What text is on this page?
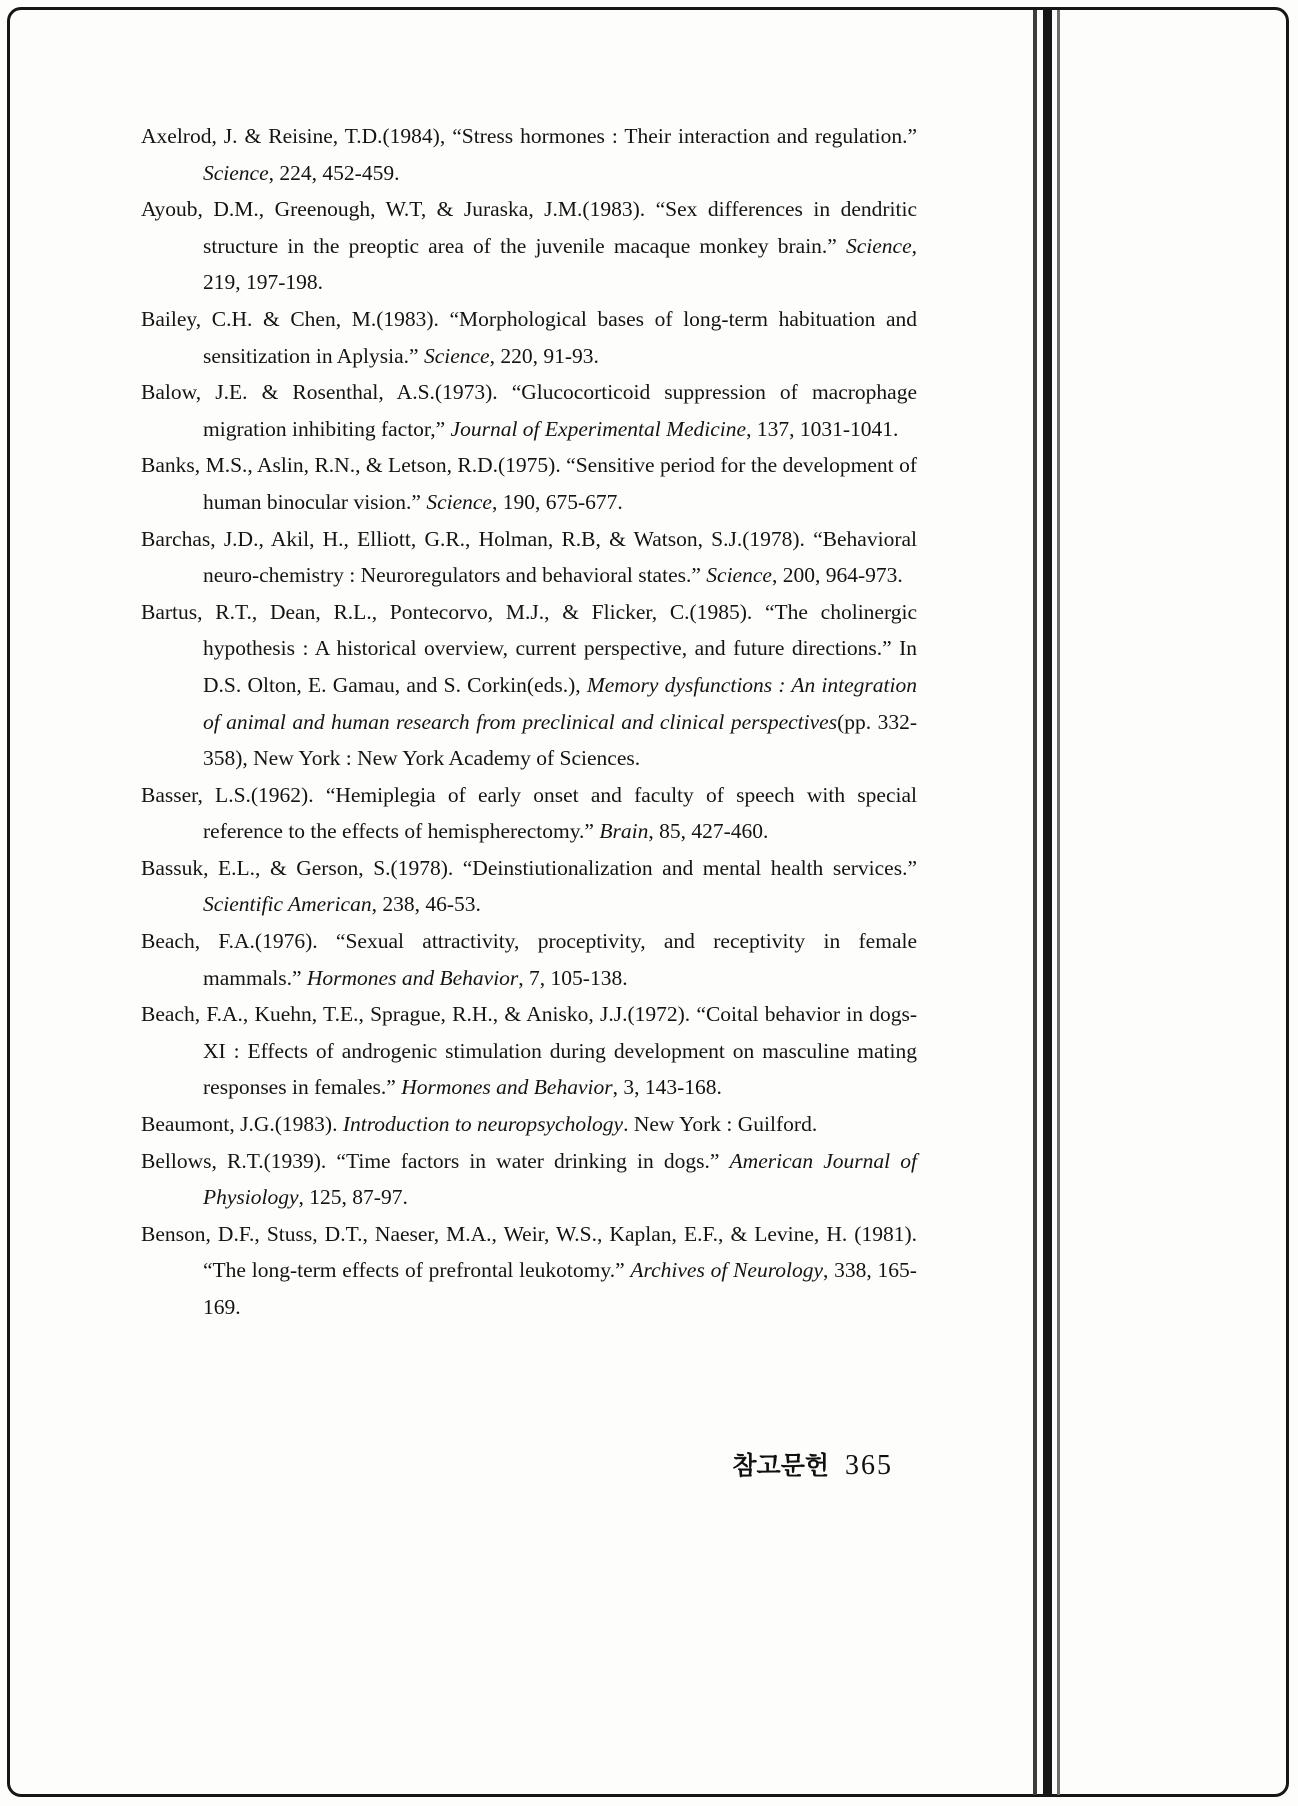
Axelrod, J. & Reisine, T.D.(1984), “Stress hormones : Their interaction and regulation.” Science, 224, 452-459.
Ayoub, D.M., Greenough, W.T, & Juraska, J.M.(1983). “Sex differences in dendritic structure in the preoptic area of the juvenile macaque monkey brain.” Science, 219, 197-198.
Bailey, C.H. & Chen, M.(1983). “Morphological bases of long-term habituation and sensitization in Aplysia.” Science, 220, 91-93.
Balow, J.E. & Rosenthal, A.S.(1973). “Glucocorticoid suppression of macrophage migration inhibiting factor,” Journal of Experimental Medicine, 137, 1031-1041.
Banks, M.S., Aslin, R.N., & Letson, R.D.(1975). “Sensitive period for the development of human binocular vision.” Science, 190, 675-677.
Barchas, J.D., Akil, H., Elliott, G.R., Holman, R.B, & Watson, S.J.(1978). “Behavioral neuro-chemistry : Neuroregulators and behavioral states.” Science, 200, 964-973.
Bartus, R.T., Dean, R.L., Pontecorvo, M.J., & Flicker, C.(1985). “The cholinergic hypothesis : A historical overview, current perspective, and future directions.” In D.S. Olton, E. Gamau, and S. Corkin(eds.), Memory dysfunctions : An integration of animal and human research from preclinical and clinical perspectives(pp. 332-358), New York : New York Academy of Sciences.
Basser, L.S.(1962). “Hemiplegia of early onset and faculty of speech with special reference to the effects of hemispherectomy.” Brain, 85, 427-460.
Bassuk, E.L., & Gerson, S.(1978). “Deinstiutionalization and mental health services.” Scientific American, 238, 46-53.
Beach, F.A.(1976). “Sexual attractivity, proceptivity, and receptivity in female mammals.” Hormones and Behavior, 7, 105-138.
Beach, F.A., Kuehn, T.E., Sprague, R.H., & Anisko, J.J.(1972). “Coital behavior in dogs-XI : Effects of androgenic stimulation during development on masculine mating responses in females.” Hormones and Behavior, 3, 143-168.
Beaumont, J.G.(1983). Introduction to neuropsychology. New York : Guilford.
Bellows, R.T.(1939). “Time factors in water drinking in dogs.” American Journal of Physiology, 125, 87-97.
Benson, D.F., Stuss, D.T., Naeser, M.A., Weir, W.S., Kaplan, E.F., & Levine, H. (1981). “The long-term effects of prefrontal leukotomy.” Archives of Neurology, 338, 165-169.
참고문헌 365
